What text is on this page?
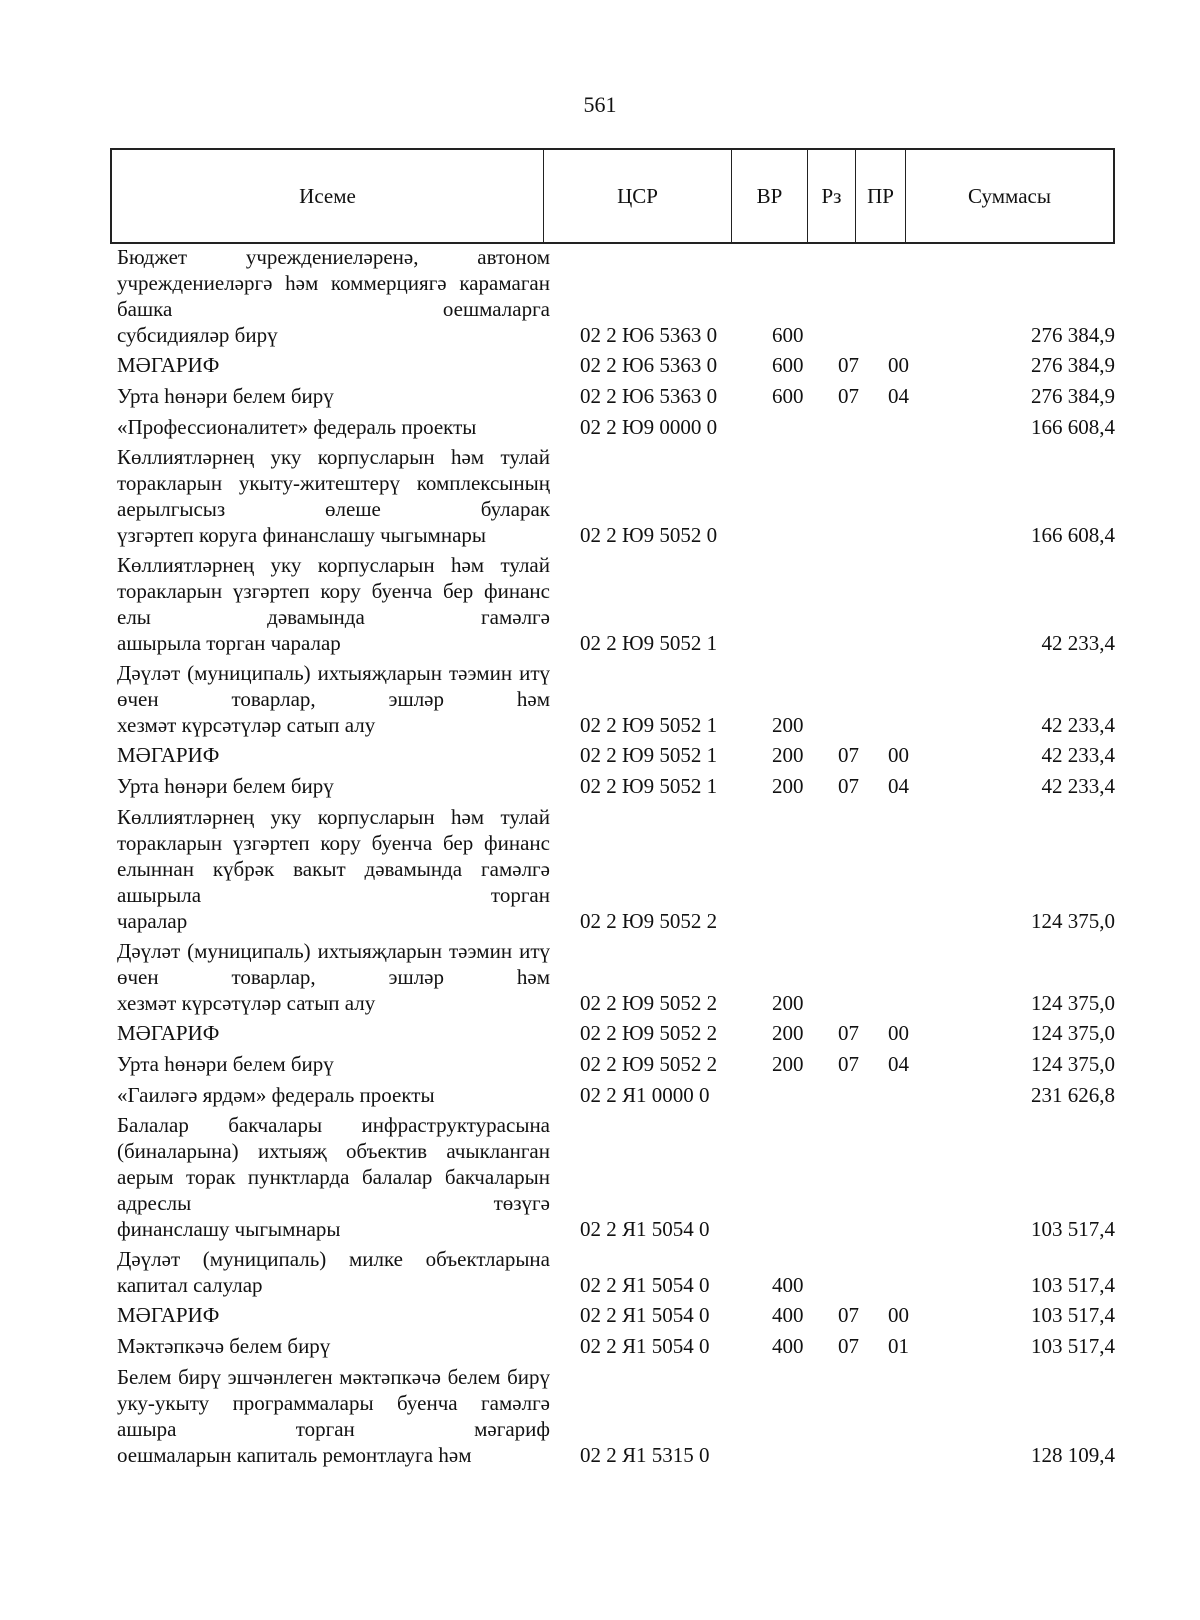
561
Исеме	ЦСР	ВР	Рз	ПР	Суммасы
Бюджет учреждениеләренә, автоном учреждениеләргә һәм коммерциягә карамаган башка оешмаларга
субсидияләр бирү	02 2 Ю6 5363 0	600	276 384,9
МӘГАРИФ	02 2 Ю6 5363 0	600 07 00	276 384,9
Урта һөнәри белем бирү	02 2 Ю6 5363 0	600 07 04	276 384,9
«Профессионалитет» федераль проекты	02 2 Ю9 0000 0	166 608,4
Көллиятләрнең уку корпусларын һәм тулай торакларын укыту-житештерү комплексының аерылгысыз өлеше буларак
үзгәртеп коруга финанслашу чыгымнары	02 2 Ю9 5052 0	166 608,4
Көллиятләрнең уку корпусларын һәм тулай торакларын үзгәртеп кору буенча бер финанс елы дәвамында гамәлгә
ашырыла торган чаралар	02 2 Ю9 5052 1	42 233,4
Дәүләт (муниципаль) ихтыяҗларын тәэмин итү өчен товарлар, эшләр һәм
хезмәт күрсәтүләр сатып алу	02 2 Ю9 5052 1	200	42 233,4
МӘГАРИФ	02 2 Ю9 5052 1	200 07 00	42 233,4
Урта һөнәри белем бирү	02 2 Ю9 5052 1	200 07 04	42 233,4
Көллиятләрнең уку корпусларын һәм тулай торакларын үзгәртеп кору буенча бер финанс елыннан күбрәк вакыт дәвамында гамәлгә ашырыла торган
чаралар	02 2 Ю9 5052 2	124 375,0
Дәүләт (муниципаль) ихтыяҗларын тәэмин итү өчен товарлар, эшләр һәм
хезмәт күрсәтүләр сатып алу	02 2 Ю9 5052 2	200	124 375,0
МӘГАРИФ	02 2 Ю9 5052 2	200 07 00	124 375,0
Урта һөнәри белем бирү	02 2 Ю9 5052 2	200 07 04	124 375,0
«Гаиләгә ярдәм» федераль проекты	02 2 Я1 0000 0	231 626,8
Балалар бакчалары инфраструктурасына (биналарына) ихтыяҗ объектив ачыкланган аерым торак пунктларда балалар бакчаларын адреслы төзүгә
финанслашу чыгымнары	02 2 Я1 5054 0	103 517,4
Дәүләт (муниципаль) милке объектларына
капитал салулар	02 2 Я1 5054 0	400	103 517,4
МӘГАРИФ	02 2 Я1 5054 0	400 07 00	103 517,4
Мәктәпкәчә белем бирү	02 2 Я1 5054 0	400 07 01	103 517,4
Белем бирү эшчәнлеген мәктәпкәчә белем бирү уку-укыту программалары буенча гамәлгә ашыра торган мәгариф
оешмаларын капиталь ремонтлауга һәм	02 2 Я1 5315 0	128 109,4
